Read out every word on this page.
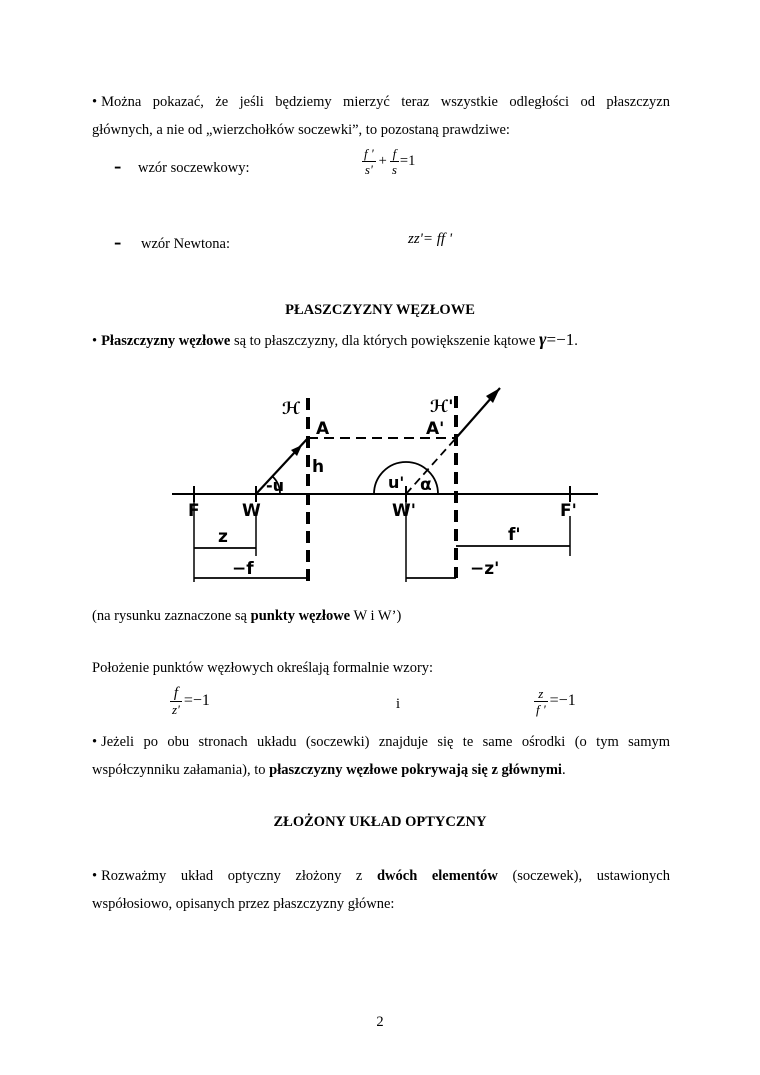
• Można pokazać, że jeśli będziemy mierzyć teraz wszystkie odległości od płaszczyzn
głównych, a nie od „wierzchołków soczewki”, to pozostaną prawdziwe:
- wzór soczewkowy:	$\frac{f '}{s'} + \frac{f}{s} =1$
- wzór Newtona:	zz'= ff '
PŁASZCZYZNY WĘZŁOWE
• Płaszczyzny węzłowe są to płaszczyzny, dla których powiększenie kątowe γ=−1.
ℋ	ℋ'
A	A'
h
-u	u' α
F W	W'	F'
z
−f
f'
−z'
(na rysunku zaznaczone są punkty węzłowe W i W’)
Położenie punktów węzłowych określają formalnie wzory:
$\frac{f}{z'} =-1$	i	$\frac{z}{f '} =-1$
• Jeżeli po obu stronach układu (soczewki) znajduje się te same ośrodki (o tym samym
współczynniku załamania), to płaszczyzny węzłowe pokrywają się z głównymi.
ZŁOŻONY UKŁAD OPTYCZNY
• Rozważmy układ optyczny złożony z dwóch elementów (soczewek), ustawionych
współosiowo, opisanych przez płaszczyzny główne:
2
